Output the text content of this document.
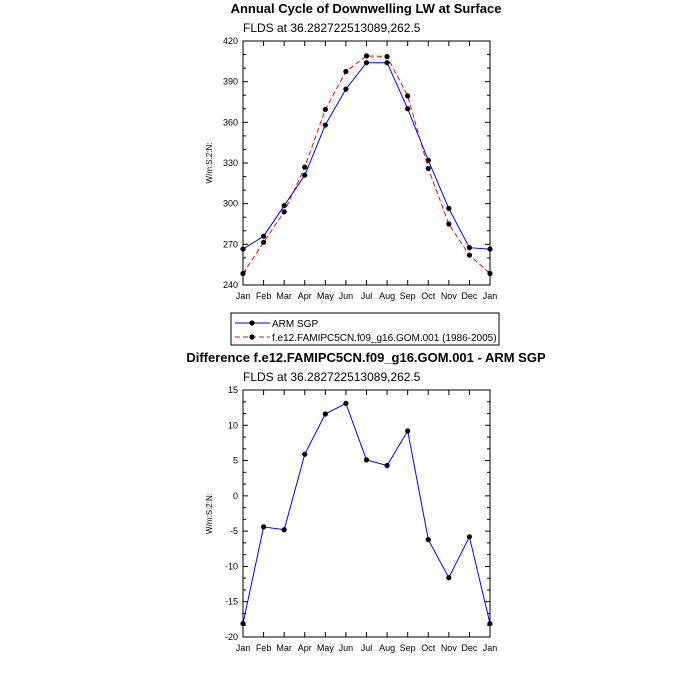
Annual Cycle of Downwelling LW at Surface
FLDS at 36.282722513089,262.5
240
270
300
330
360
390
420
Jan Feb Mar Apr May Jun Jul Aug Sep Oct Nov Dec Jan
W/m:S:2:N:
ARM SGP
f.e12.FAMIPC5CN.f09_g16.GOM.001 (1986-2005)
Difference f.e12.FAMIPC5CN.f09_g16.GOM.001 - ARM SGP
FLDS at 36.282722513089,262.5
-20
-15
-10
-5
0
5
10
15
Jan Feb Mar Apr May Jun Jul Aug Sep Oct Nov Dec Jan
W/m:S:2:N:
